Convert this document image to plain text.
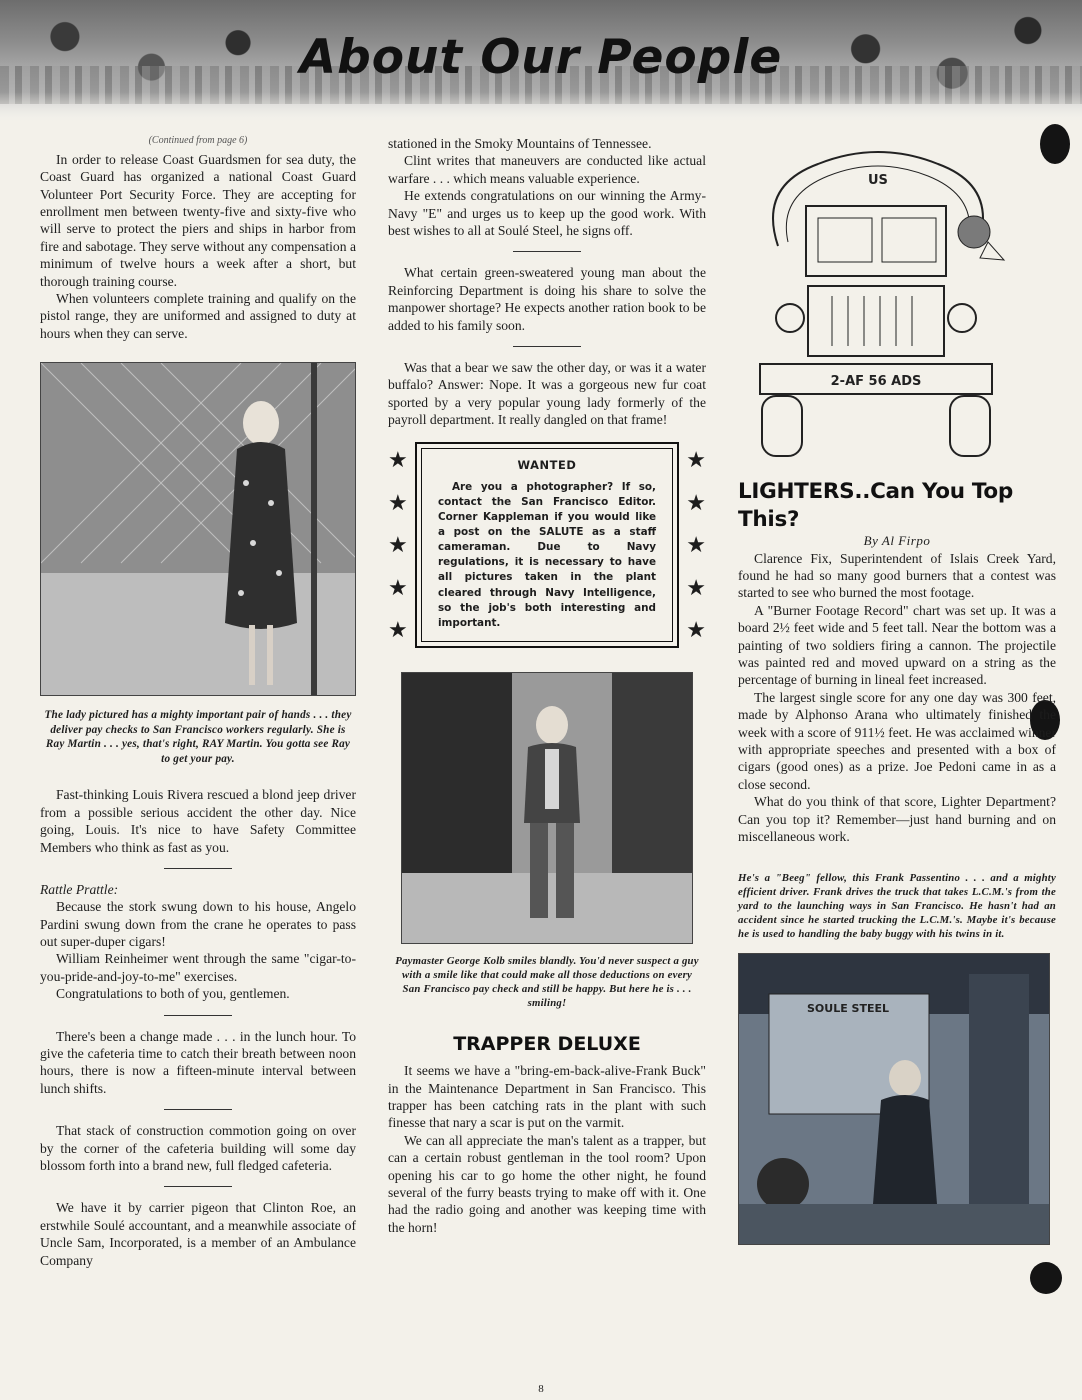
About Our People

(Continued from page 6)

In order to release Coast Guardsmen for sea duty, the Coast Guard has organized a national Coast Guard Volunteer Port Security Force. They are accepting for enrollment men between twenty-five and sixty-five who will serve to protect the piers and ships in harbor from fire and sabotage. They serve without any compensation a minimum of twelve hours a week after a short, but thorough training course.

When volunteers complete training and qualify on the pistol range, they are uniformed and assigned to duty at hours when they can serve.

The lady pictured has a mighty important pair of hands . . . they deliver pay checks to San Francisco workers regularly. She is Ray Martin . . . yes, that's right, RAY Martin. You gotta see Ray to get your pay.

Fast-thinking Louis Rivera rescued a blond jeep driver from a possible serious accident the other day. Nice going, Louis. It's nice to have Safety Committee Members who think as fast as you.

Rattle Prattle:

Because the stork swung down to his house, Angelo Pardini swung down from the crane he operates to pass out super-duper cigars!

William Reinheimer went through the same "cigar-to-you-pride-and-joy-to-me" exercises.

Congratulations to both of you, gentlemen.

There's been a change made . . . in the lunch hour. To give the cafeteria time to catch their breath between noon hours, there is now a fifteen-minute interval between lunch shifts.

That stack of construction commotion going on over by the corner of the cafeteria building will some day blossom forth into a brand new, full fledged cafeteria.

We have it by carrier pigeon that Clinton Roe, an erstwhile Soulé accountant, and a meanwhile associate of Uncle Sam, Incorporated, is a member of an Ambulance Company

stationed in the Smoky Mountains of Tennessee.

Clint writes that maneuvers are conducted like actual warfare . . . which means valuable experience.

He extends congratulations on our winning the Army-Navy "E" and urges us to keep up the good work. With best wishes to all at Soulé Steel, he signs off.

What certain green-sweatered young man about the Reinforcing Department is doing his share to solve the manpower shortage? He expects another ration book to be added to his family soon.

Was that a bear we saw the other day, or was it a water buffalo? Answer: Nope. It was a gorgeous new fur coat sported by a very popular young lady formerly of the payroll department. It really dangled on that frame!

★
★
★
★
★
WANTED
Are you a photographer? If so, contact the San Francisco Editor. Corner Kappleman if you would like a post on the SALUTE as a staff cameraman. Due to Navy regulations, it is necessary to have all pictures taken in the plant cleared through Navy Intelligence, so the job's both interesting and important.
★
★
★
★
★

Paymaster George Kolb smiles blandly. You'd never suspect a guy with a smile like that could make all those deductions on every San Francisco pay check and still be happy. But here he is . . . smiling!

TRAPPER DELUXE

It seems we have a "bring-em-back-alive-Frank Buck" in the Maintenance Department in San Francisco. This trapper has been catching rats in the plant with such finesse that nary a scar is put on the varmit.

We can all appreciate the man's talent as a trapper, but can a certain robust gentleman in the tool room? Upon opening his car to go home the other night, he found several of the furry beasts trying to make off with it. One had the radio going and another was keeping time with the horn!

US
2-AF 56 ADS

LIGHTERS..Can You Top This?

By Al Firpo

Clarence Fix, Superintendent of Islais Creek Yard, found he had so many good burners that a contest was started to see who burned the most footage.

A "Burner Footage Record" chart was set up. It was a board 2½ feet wide and 5 feet tall. Near the bottom was a painting of two soldiers firing a cannon. The projectile was painted red and moved upward on a string as the percentage of burning in lineal feet increased.

The largest single score for any one day was 300 feet, made by Alphonso Arana who ultimately finished the week with a score of 911½ feet. He was acclaimed winner with appropriate speeches and presented with a box of cigars (good ones) as a prize. Joe Pedoni came in as a close second.

What do you think of that score, Lighter Department? Can you top it? Remember—just hand burning and on miscellaneous work.

He's a "Beeg" fellow, this Frank Passentino . . . and a mighty efficient driver. Frank drives the truck that takes L.C.M.'s from the yard to the launching ways in San Francisco. He hasn't had an accident since he started trucking the L.C.M.'s. Maybe it's because he is used to handling the baby buggy with his twins in it.

SOULE STEEL
8
